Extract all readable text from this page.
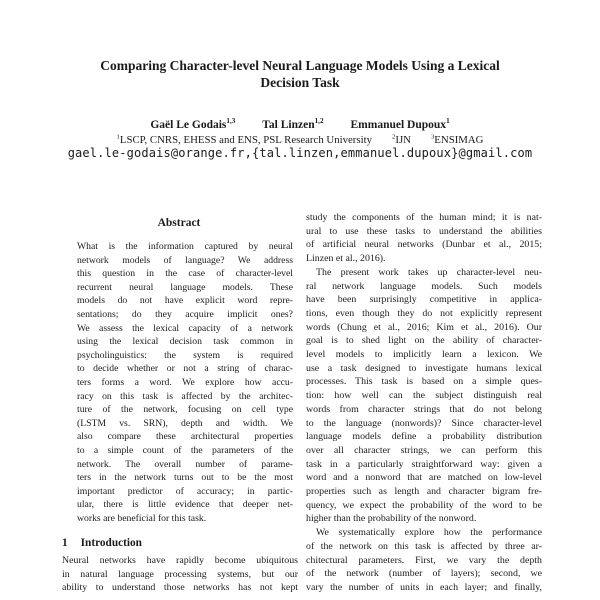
Comparing Character-level Neural Language Models Using a Lexical
Decision Task
Gaël Le Godais$^{1,3}$ Tal Linzen$^{1,2}$ Emmanuel Dupoux$^1$
$^1$LSCP, CNRS, EHESS and ENS, PSL Research University	$^2$IJN	$^3$ENSIMAG
gael.le-godais@orange.fr,{tal.linzen,emmanuel.dupoux}@gmail.com
Abstract
What is the information captured by neural
network models of language? We address
this question in the case of character-level
recurrent neural language models. These
models do not have explicit word repre-
sentations; do they acquire implicit ones?
We assess the lexical capacity of a network
using the lexical decision task common in
psycholinguistics: the system is required
to decide whether or not a string of charac-
ters forms a word. We explore how accu-
racy on this task is affected by the architec-
ture of the network, focusing on cell type
(LSTM vs. SRN), depth and width. We
also compare these architectural properties
to a simple count of the parameters of the
network. The overall number of parame-
ters in the network turns out to be the most
important predictor of accuracy; in partic-
ular, there is little evidence that deeper net-
works are beneficial for this task.
1 Introduction
Neural networks have rapidly become ubiquitous
in natural language processing systems, but our
ability to understand those networks has not kept
study the components of the human mind; it is nat-
ural to use these tasks to understand the abilities
of artificial neural networks (Dunbar et al., 2015;
Linzen et al., 2016).
The present work takes up character-level neu-
ral network language models. Such models
have been surprisingly competitive in applica-
tions, even though they do not explicitly represent
words (Chung et al., 2016; Kim et al., 2016). Our
goal is to shed light on the ability of character-
level models to implicitly learn a lexicon. We
use a task designed to investigate humans lexical
processes. This task is based on a simple ques-
tion: how well can the subject distinguish real
words from character strings that do not belong
to the language (nonwords)? Since character-level
language models define a probability distribution
over all character strings, we can perform this
task in a particularly straightforward way: given a
word and a nonword that are matched on low-level
properties such as length and character bigram fre-
quency, we expect the probability of the word to be
higher than the probability of the nonword.
We systematically explore how the performance
of the network on this task is affected by three ar-
chitectural parameters. First, we vary the depth
of the network (number of layers); second, we
vary the number of units in each layer; and finally,
